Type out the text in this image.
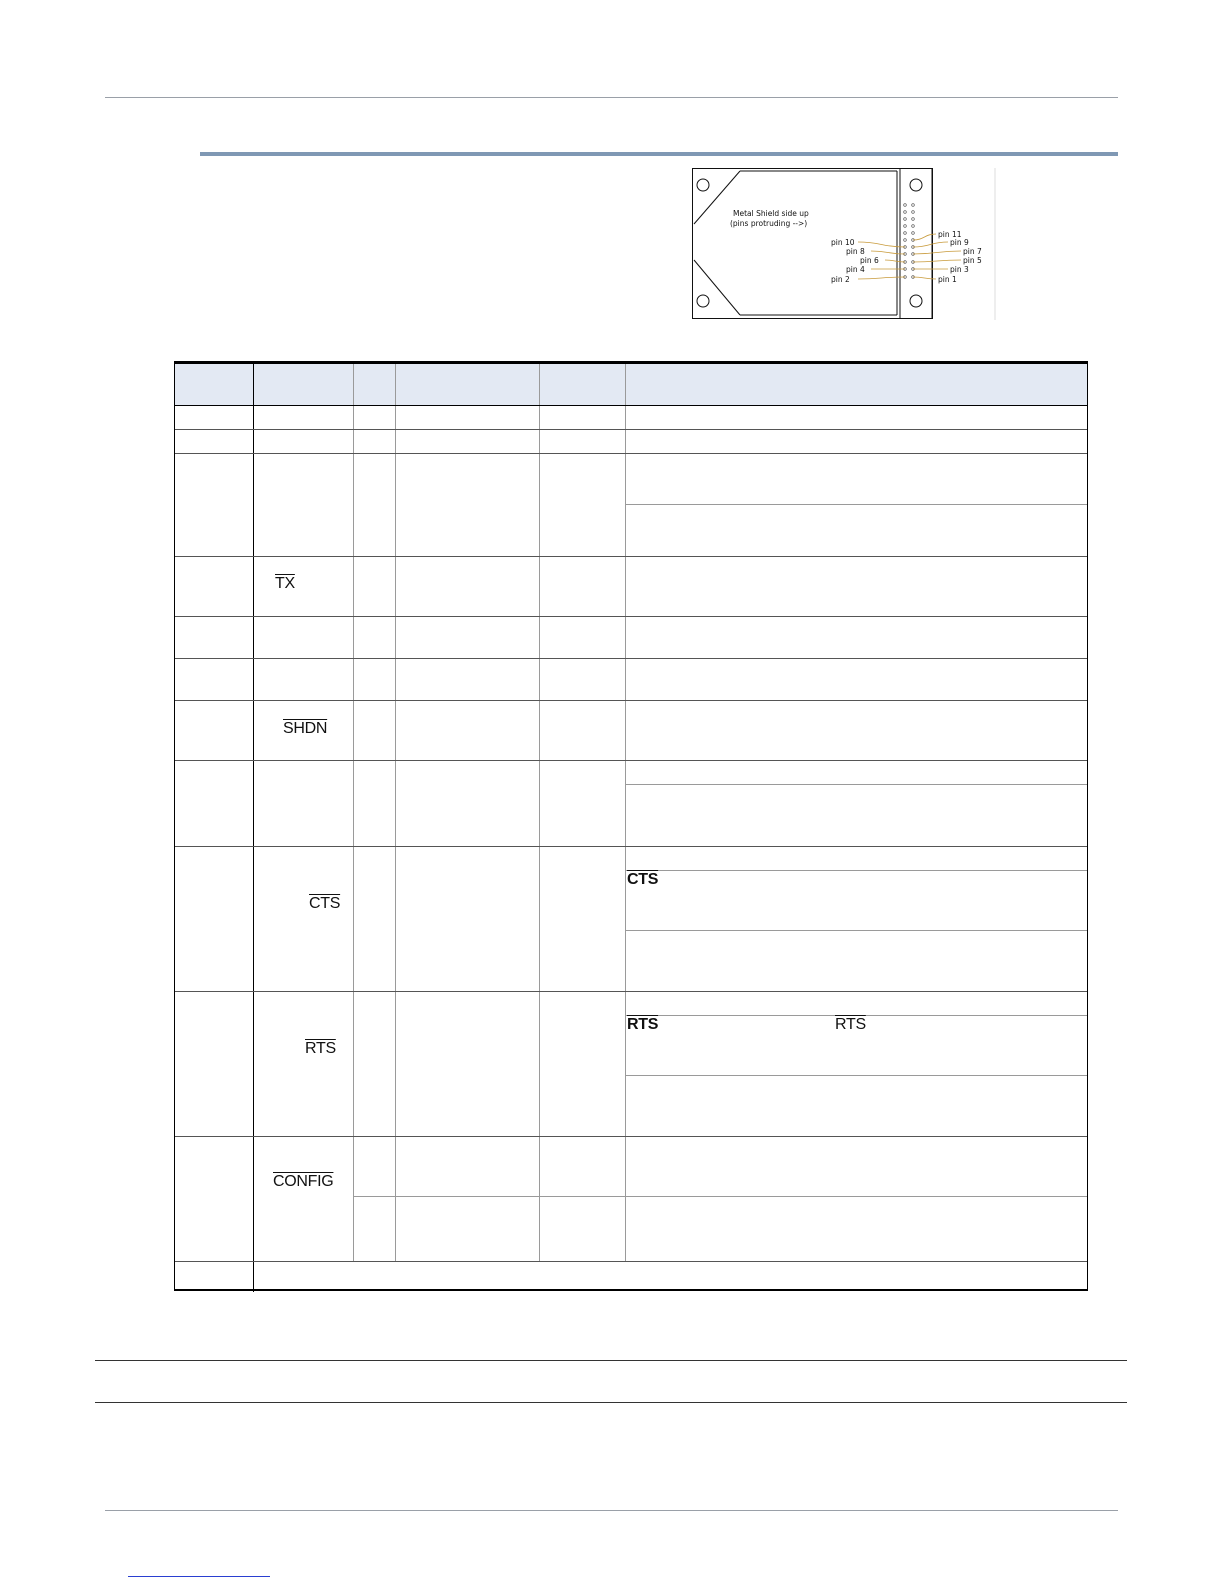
Metal Shield side up
(pins protruding -->)
pin 10
pin 8
pin 6
pin 4
pin 2
pin 11
pin 9
pin 7
pin 5
pin 3
pin 1
$\overline{TX}$
SHDN
$\overline{CTS}$
$\overline{RTS}$
CONFIG
$\overline{CTS}$
$\overline{RTS}$	$\overline{RTS}$
